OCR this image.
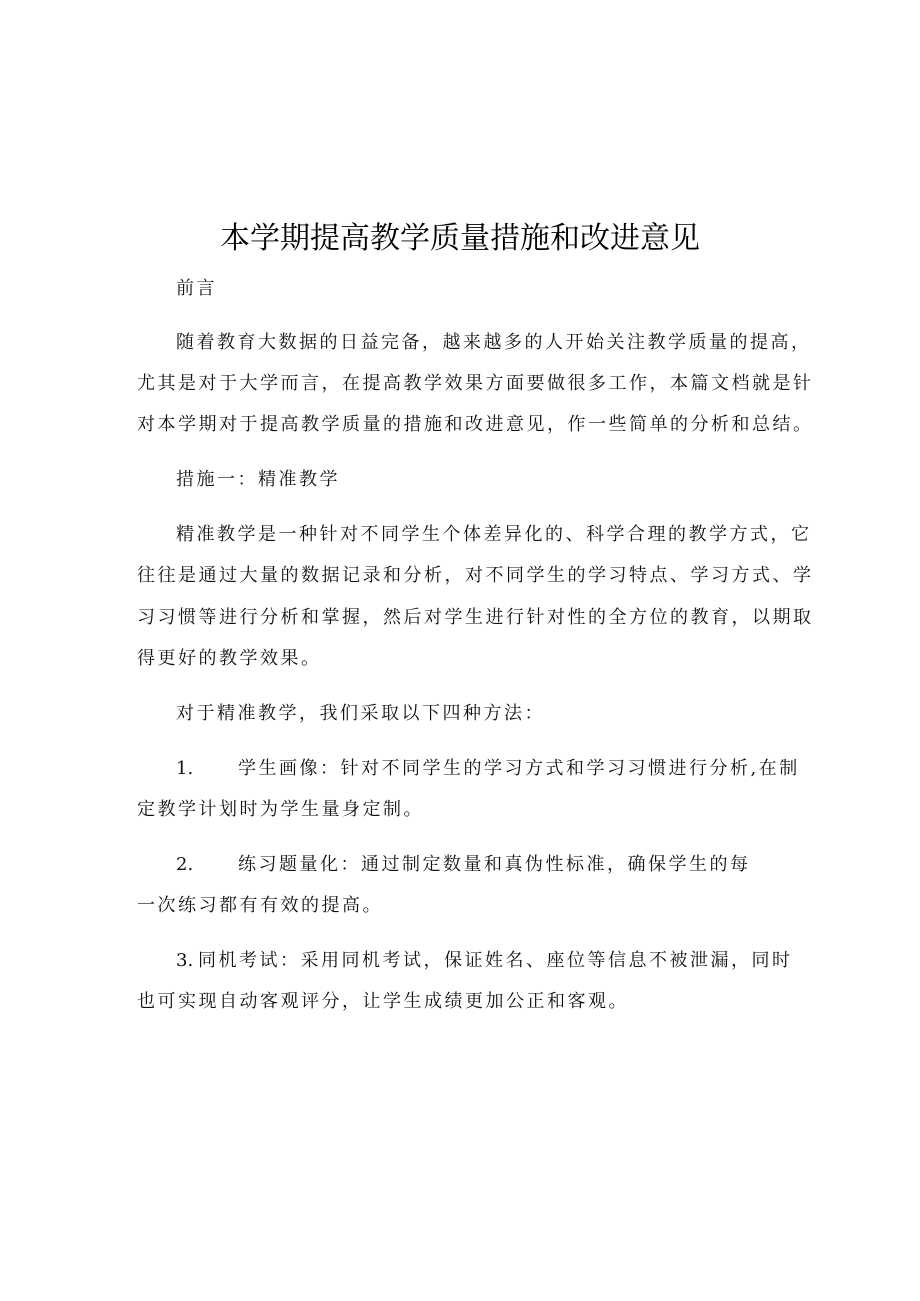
本学期提高教学质量措施和改进意见
前言
随着教育大数据的日益完备，越来越多的人开始关注教学质量的提高，
尤其是对于大学而言，在提高教学效果方面要做很多工作，本篇文档就是针
对本学期对于提高教学质量的措施和改进意见，作一些简单的分析和总结。
措施一：精准教学
精准教学是一种针对不同学生个体差异化的、科学合理的教学方式，它
往往是通过大量的数据记录和分析，对不同学生的学习特点、学习方式、学
习习惯等进行分析和掌握，然后对学生进行针对性的全方位的教育，以期取
得更好的教学效果。
对于精准教学，我们采取以下四种方法：
1. 学生画像：针对不同学生的学习方式和学习习惯进行分析,在制
定教学计划时为学生量身定制。
2. 练习题量化：通过制定数量和真伪性标准，确保学生的每
一次练习都有有效的提高。
3. 同机考试：采用同机考试，保证姓名、座位等信息不被泄漏，同时
也可实现自动客观评分，让学生成绩更加公正和客观。
